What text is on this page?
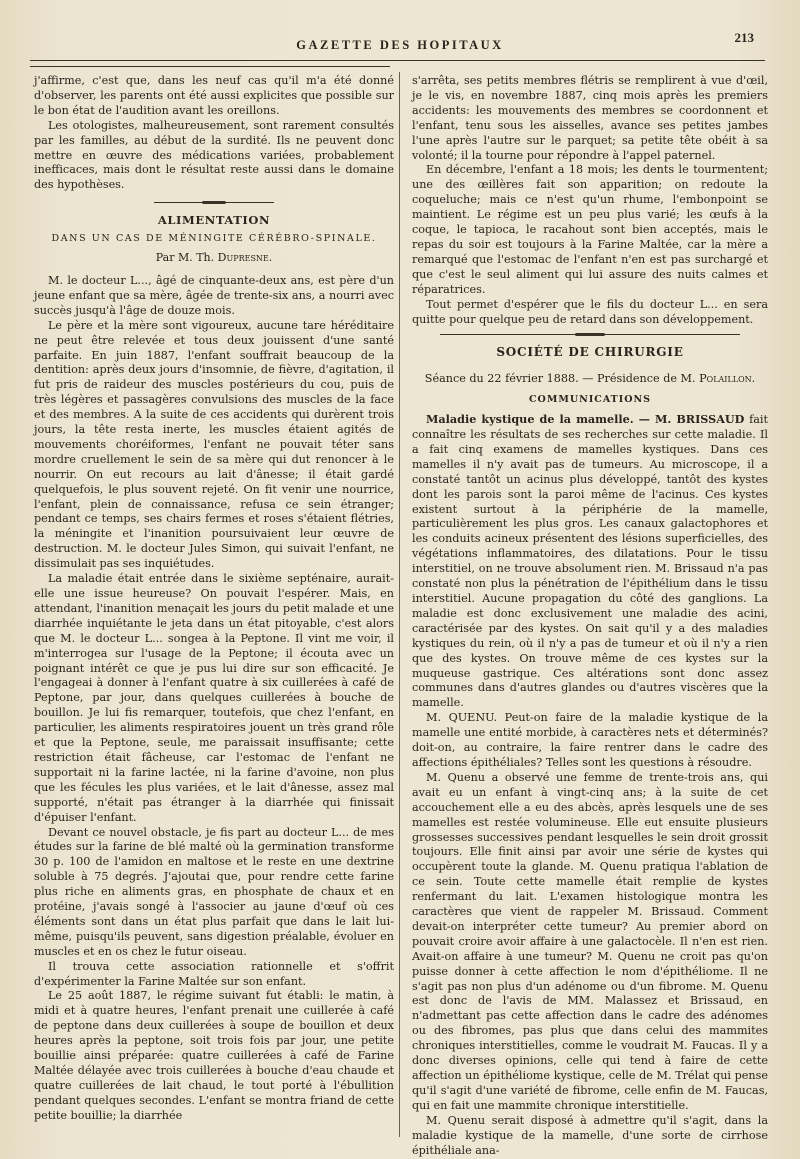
GAZETTE DES HOPITAUX	213

j'affirme, c'est que, dans les neuf cas qu'il m'a été donné d'observer, les parents ont été aussi explicites que possible sur le bon état de l'audition avant les oreillons.

Les otologistes, malheureusement, sont rarement consultés par les familles, au début de la surdité. Ils ne peuvent donc mettre en œuvre des médications variées, probablement inefficaces, mais dont le résultat reste aussi dans le domaine des hypothèses.

ALIMENTATION
DANS UN CAS DE MÉNINGITE CÉRÉBRO-SPINALE.
Par M. Th. Dupresne.

M. le docteur L..., âgé de cinquante-deux ans, est père d'un jeune enfant que sa mère, âgée de trente-six ans, a nourri avec succès jusqu'à l'âge de douze mois.

Le père et la mère sont vigoureux, aucune tare héréditaire ne peut être relevée et tous deux jouissent d'une santé parfaite. En juin 1887, l'enfant souffrait beaucoup de la dentition: après deux jours d'insomnie, de fièvre, d'agitation, il fut pris de raideur des muscles postérieurs du cou, puis de très légères et passagères convulsions des muscles de la face et des membres. A la suite de ces accidents qui durèrent trois jours, la tête resta inerte, les muscles étaient agités de mouvements choréiformes, l'enfant ne pouvait téter sans mordre cruellement le sein de sa mère qui dut renoncer à le nourrir. On eut recours au lait d'ânesse; il était gardé quelquefois, le plus souvent rejeté. On fit venir une nourrice, l'enfant, plein de connaissance, refusa ce sein étranger; pendant ce temps, ses chairs fermes et roses s'étaient flétries, la méningite et l'inanition poursuivaient leur œuvre de destruction. M. le docteur Jules Simon, qui suivait l'enfant, ne dissimulait pas ses inquiétudes.

La maladie était entrée dans le sixième septénaire, aurait-elle une issue heureuse? On pouvait l'espérer. Mais, en attendant, l'inanition menaçait les jours du petit malade et une diarrhée inquiétante le jeta dans un état pitoyable, c'est alors que M. le docteur L... songea à la Peptone. Il vint me voir, il m'interrogea sur l'usage de la Peptone; il écouta avec un poignant intérêt ce que je pus lui dire sur son efficacité. Je l'engageai à donner à l'enfant quatre à six cuillerées à café de Peptone, par jour, dans quelques cuillerées à bouche de bouillon. Je lui fis remarquer, toutefois, que chez l'enfant, en particulier, les aliments respiratoires jouent un très grand rôle et que la Peptone, seule, me paraissait insuffisante; cette restriction était fâcheuse, car l'estomac de l'enfant ne supportait ni la farine lactée, ni la farine d'avoine, non plus que les fécules les plus variées, et le lait d'ânesse, assez mal supporté, n'était pas étranger à la diarrhée qui finissait d'épuiser l'enfant.

Devant ce nouvel obstacle, je fis part au docteur L... de mes études sur la farine de blé malté où la germination transforme 30 p. 100 de l'amidon en maltose et le reste en une dextrine soluble à 75 degrés. J'ajoutai que, pour rendre cette farine plus riche en aliments gras, en phosphate de chaux et en protéine, j'avais songé à l'associer au jaune d'œuf où ces éléments sont dans un état plus parfait que dans le lait lui-même, puisqu'ils peuvent, sans digestion préalable, évoluer en muscles et en os chez le futur oiseau.

Il trouva cette association rationnelle et s'offrit d'expérimenter la Farine Maltée sur son enfant.

Le 25 août 1887, le régime suivant fut établi: le matin, à midi et à quatre heures, l'enfant prenait une cuillerée à café de peptone dans deux cuillerées à soupe de bouillon et deux heures après la peptone, soit trois fois par jour, une petite bouillie ainsi préparée: quatre cuillerées à café de Farine Maltée délayée avec trois cuillerées à bouche d'eau chaude et quatre cuillerées de lait chaud, le tout porté à l'ébullition pendant quelques secondes. L'enfant se montra friand de cette petite bouillie; la diarrhée

s'arrêta, ses petits membres flétris se remplirent à vue d'œil, je le vis, en novembre 1887, cinq mois après les premiers accidents: les mouvements des membres se coordonnent et l'enfant, tenu sous les aisselles, avance ses petites jambes l'une après l'autre sur le parquet; sa petite tête obéit à sa volonté; il la tourne pour répondre à l'appel paternel.

En décembre, l'enfant a 18 mois; les dents le tourmentent; une des œillères fait son apparition; on redoute la coqueluche; mais ce n'est qu'un rhume, l'embonpoint se maintient. Le régime est un peu plus varié; les œufs à la coque, le tapioca, le racahout sont bien acceptés, mais le repas du soir est toujours à la Farine Maltée, car la mère a remarqué que l'estomac de l'enfant n'en est pas surchargé et que c'est le seul aliment qui lui assure des nuits calmes et réparatrices.

Tout permet d'espérer que le fils du docteur L... en sera quitte pour quelque peu de retard dans son développement.

SOCIÉTÉ DE CHIRURGIE
Séance du 22 février 1888. — Présidence de M. Polaillon.
COMMUNICATIONS

Maladie kystique de la mamelle. — M. BRISSAUD fait connaître les résultats de ses recherches sur cette maladie. Il a fait cinq examens de mamelles kystiques. Dans ces mamelles il n'y avait pas de tumeurs. Au microscope, il a constaté tantôt un acinus plus développé, tantôt des kystes dont les parois sont la paroi même de l'acinus. Ces kystes existent surtout à la périphérie de la mamelle, particulièrement les plus gros. Les canaux galactophores et les conduits acineux présentent des lésions superficielles, des végétations inflammatoires, des dilatations. Pour le tissu interstitiel, on ne trouve absolument rien. M. Brissaud n'a pas constaté non plus la pénétration de l'épithélium dans le tissu interstitiel. Aucune propagation du côté des ganglions. La maladie est donc exclusivement une maladie des acini, caractérisée par des kystes. On sait qu'il y a des maladies kystiques du rein, où il n'y a pas de tumeur et où il n'y a rien que des kystes. On trouve même de ces kystes sur la muqueuse gastrique. Ces altérations sont donc assez communes dans d'autres glandes ou d'autres viscères que la mamelle.

M. QUENU. Peut-on faire de la maladie kystique de la mamelle une entité morbide, à caractères nets et déterminés? doit-on, au contraire, la faire rentrer dans le cadre des affections épithéliales? Telles sont les questions à résoudre.

M. Quenu a observé une femme de trente-trois ans, qui avait eu un enfant à vingt-cinq ans; à la suite de cet accouchement elle a eu des abcès, après lesquels une de ses mamelles est restée volumineuse. Elle eut ensuite plusieurs grossesses successives pendant lesquelles le sein droit grossit toujours. Elle finit ainsi par avoir une série de kystes qui occupèrent toute la glande. M. Quenu pratiqua l'ablation de ce sein. Toute cette mamelle était remplie de kystes renfermant du lait. L'examen histologique montra les caractères que vient de rappeler M. Brissaud. Comment devait-on interpréter cette tumeur? Au premier abord on pouvait croire avoir affaire à une galactocèle. Il n'en est rien. Avait-on affaire à une tumeur? M. Quenu ne croit pas qu'on puisse donner à cette affection le nom d'épithéliome. Il ne s'agit pas non plus d'un adénome ou d'un fibrome. M. Quenu est donc de l'avis de MM. Malassez et Brissaud, en n'admettant pas cette affection dans le cadre des adénomes ou des fibromes, pas plus que dans celui des mammites chroniques interstitielles, comme le voudrait M. Faucas. Il y a donc diverses opinions, celle qui tend à faire de cette affection un épithéliome kystique, celle de M. Trélat qui pense qu'il s'agit d'une variété de fibrome, celle enfin de M. Faucas, qui en fait une mammite chronique interstitielle.

M. Quenu serait disposé à admettre qu'il s'agit, dans la maladie kystique de la mamelle, d'une sorte de cirrhose épithéliale ana-
